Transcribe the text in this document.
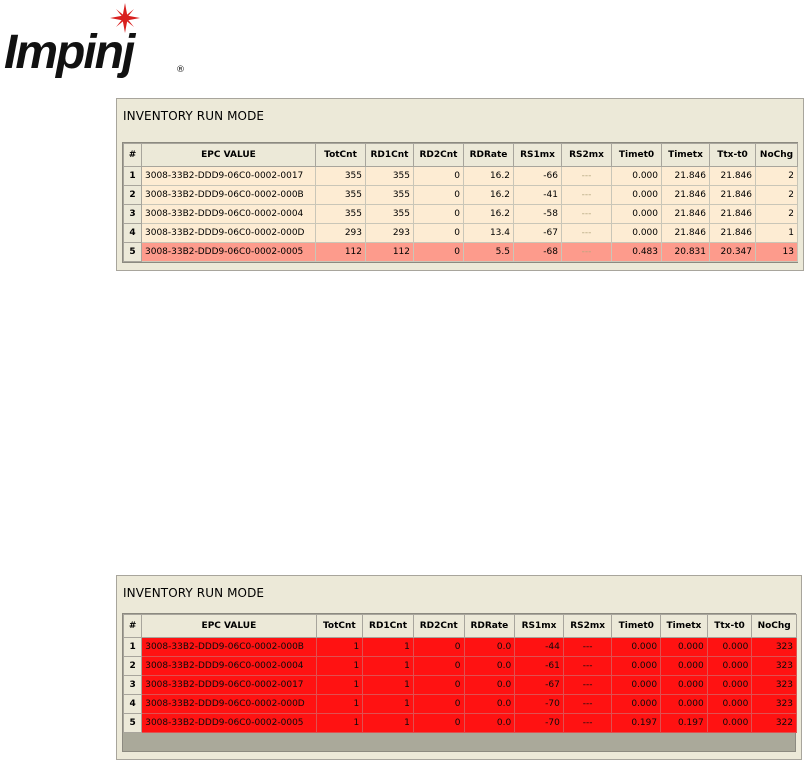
Impinj	®
INVENTORY RUN MODE
#	EPC VALUE	TotCnt	RD1Cnt	RD2Cnt	RDRate	RS1mx	RS2mx	Timet0	Timetx	Ttx-t0	NoChg
1	3008-33B2-DDD9-06C0-0002-0017	355	355	0	16.2	-66	---	0.000	21.846	21.846	2
2	3008-33B2-DDD9-06C0-0002-000B	355	355	0	16.2	-41	---	0.000	21.846	21.846	2
3	3008-33B2-DDD9-06C0-0002-0004	355	355	0	16.2	-58	---	0.000	21.846	21.846	2
4	3008-33B2-DDD9-06C0-0002-000D	293	293	0	13.4	-67	---	0.000	21.846	21.846	1
5	3008-33B2-DDD9-06C0-0002-0005	112	112	0	5.5	-68	---	0.483	20.831	20.347	13
INVENTORY RUN MODE
#	EPC VALUE	TotCnt	RD1Cnt	RD2Cnt	RDRate	RS1mx	RS2mx	Timet0	Timetx	Ttx-t0	NoChg
1	3008-33B2-DDD9-06C0-0002-000B	1	1	0	0.0	-44	---	0.000	0.000	0.000	323
2	3008-33B2-DDD9-06C0-0002-0004	1	1	0	0.0	-61	---	0.000	0.000	0.000	323
3	3008-33B2-DDD9-06C0-0002-0017	1	1	0	0.0	-67	---	0.000	0.000	0.000	323
4	3008-33B2-DDD9-06C0-0002-000D	1	1	0	0.0	-70	---	0.000	0.000	0.000	323
5	3008-33B2-DDD9-06C0-0002-0005	1	1	0	0.0	-70	---	0.197	0.197	0.000	322
